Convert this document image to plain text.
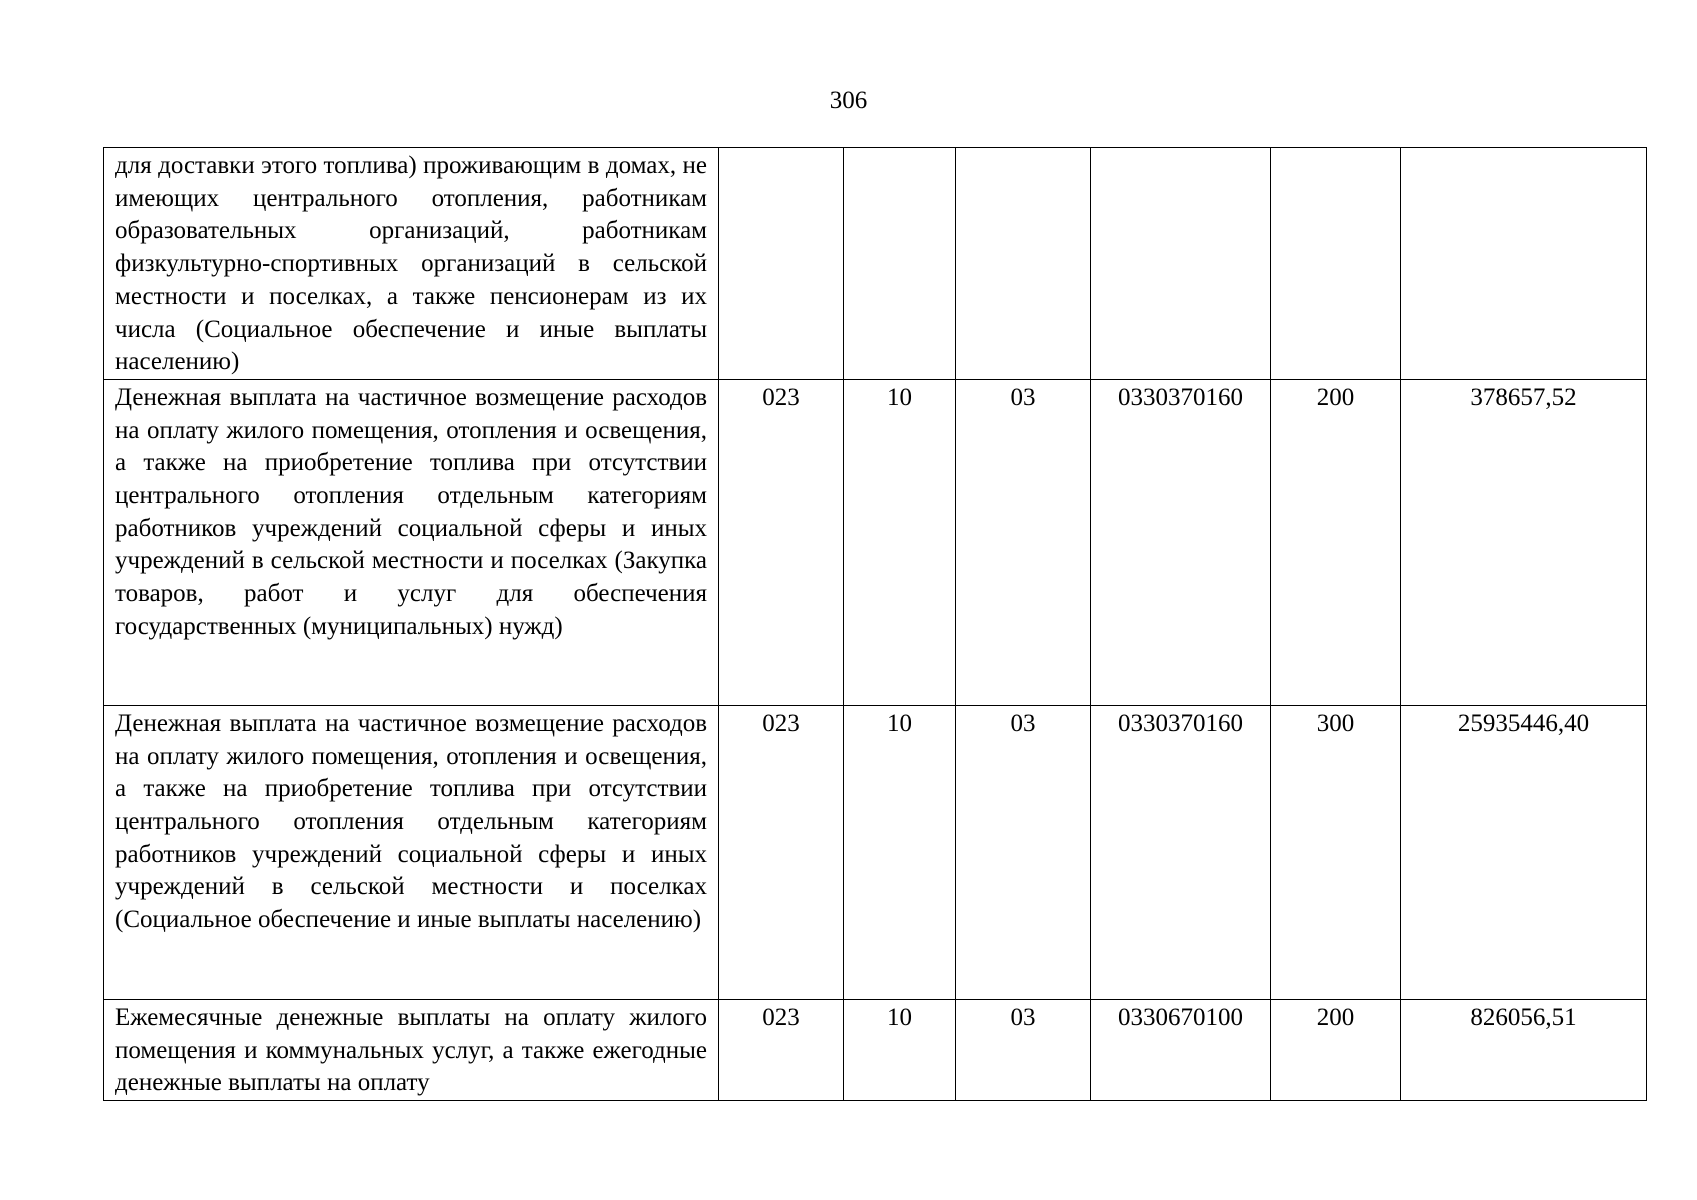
306
для доставки этого топлива) проживающим в домах, не имеющих центрального отопления, работникам образовательных организаций, работникам физкультурно-спортивных организаций в сельской местности и поселках, а также пенсионерам из их числа (Социальное обеспечение и иные выплаты населению)						
Денежная выплата на частичное возмещение расходов на оплату жилого помещения, отопления и освещения, а также на приобретение топлива при отсутствии центрального отопления отдельным категориям работников учреждений социальной сферы и иных учреждений в сельской местности и поселках (Закупка товаров, работ и услуг для обеспечения государственных (муниципальных) нужд)	023	10	03	0330370160	200	378657,52
Денежная выплата на частичное возмещение расходов на оплату жилого помещения, отопления и освещения, а также на приобретение топлива при отсутствии центрального отопления отдельным категориям работников учреждений социальной сферы и иных учреждений в сельской местности и поселках (Социальное обеспечение и иные выплаты населению)	023	10	03	0330370160	300	25935446,40
Ежемесячные денежные выплаты на оплату жилого помещения и коммунальных услуг, а также ежегодные денежные выплаты на оплату	023	10	03	0330670100	200	826056,51
